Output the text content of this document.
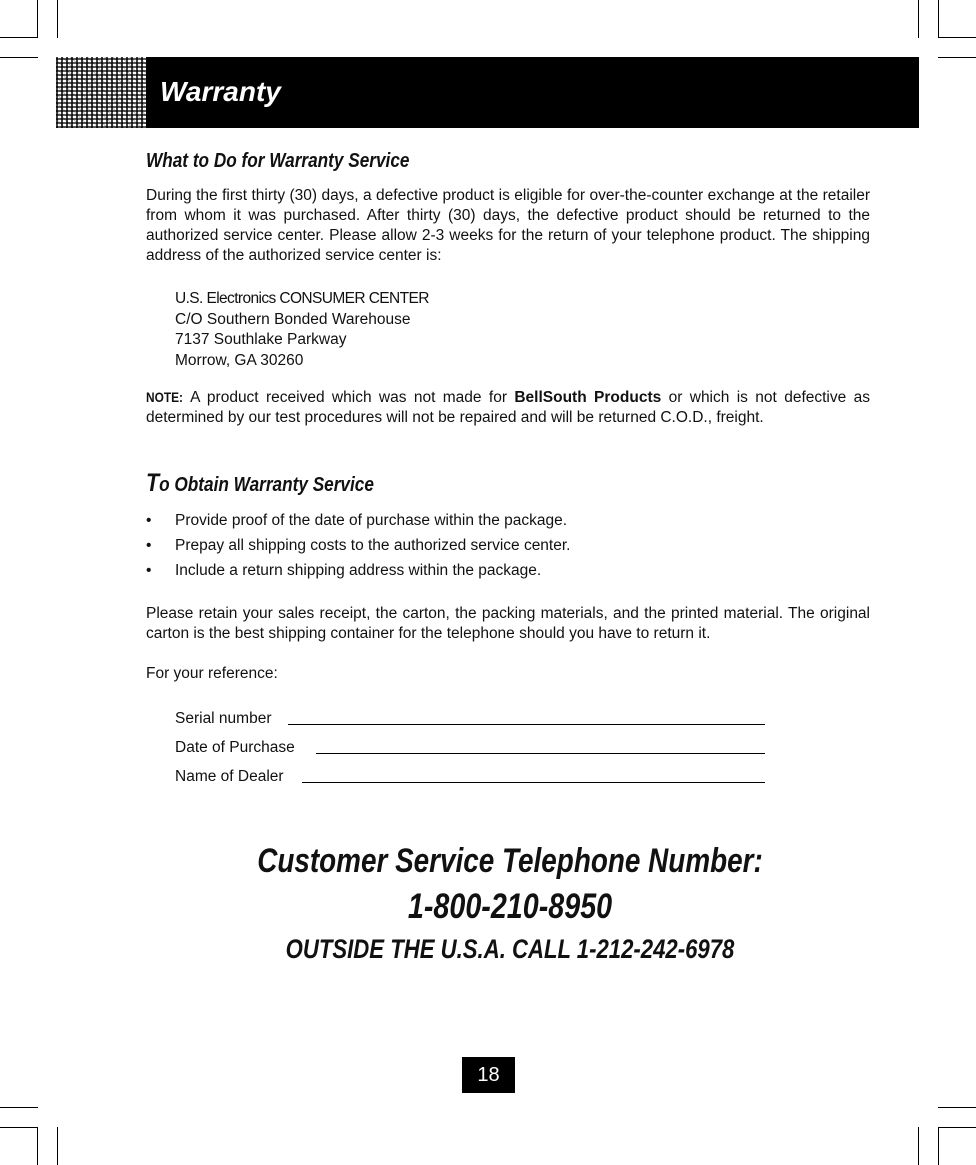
Warranty
What to Do for Warranty Service
During the first thirty (30) days, a defective product is eligible for over-the-counter exchange at the retailer from whom it was purchased. After thirty (30) days, the defective product should be returned to the authorized service center. Please allow 2-3 weeks for the return of your telephone product. The shipping address of the authorized service center is:
U.S. Electronics CONSUMER CENTER
C/O Southern Bonded Warehouse
7137 Southlake Parkway
Morrow, GA 30260
NOTE: A product received which was not made for BellSouth Products or which is not defective as determined by our test procedures will not be repaired and will be returned C.O.D., freight.
To Obtain Warranty Service
• Provide proof of the date of purchase within the package.
• Prepay all shipping costs to the authorized service center.
• Include a return shipping address within the package.
Please retain your sales receipt, the carton, the packing materials, and the printed material. The original carton is the best shipping container for the telephone should you have to return it.
For your reference:
Serial number
Date of Purchase
Name of Dealer
Customer Service Telephone Number:
1-800-210-8950
OUTSIDE THE U.S.A. CALL 1-212-242-6978
18
